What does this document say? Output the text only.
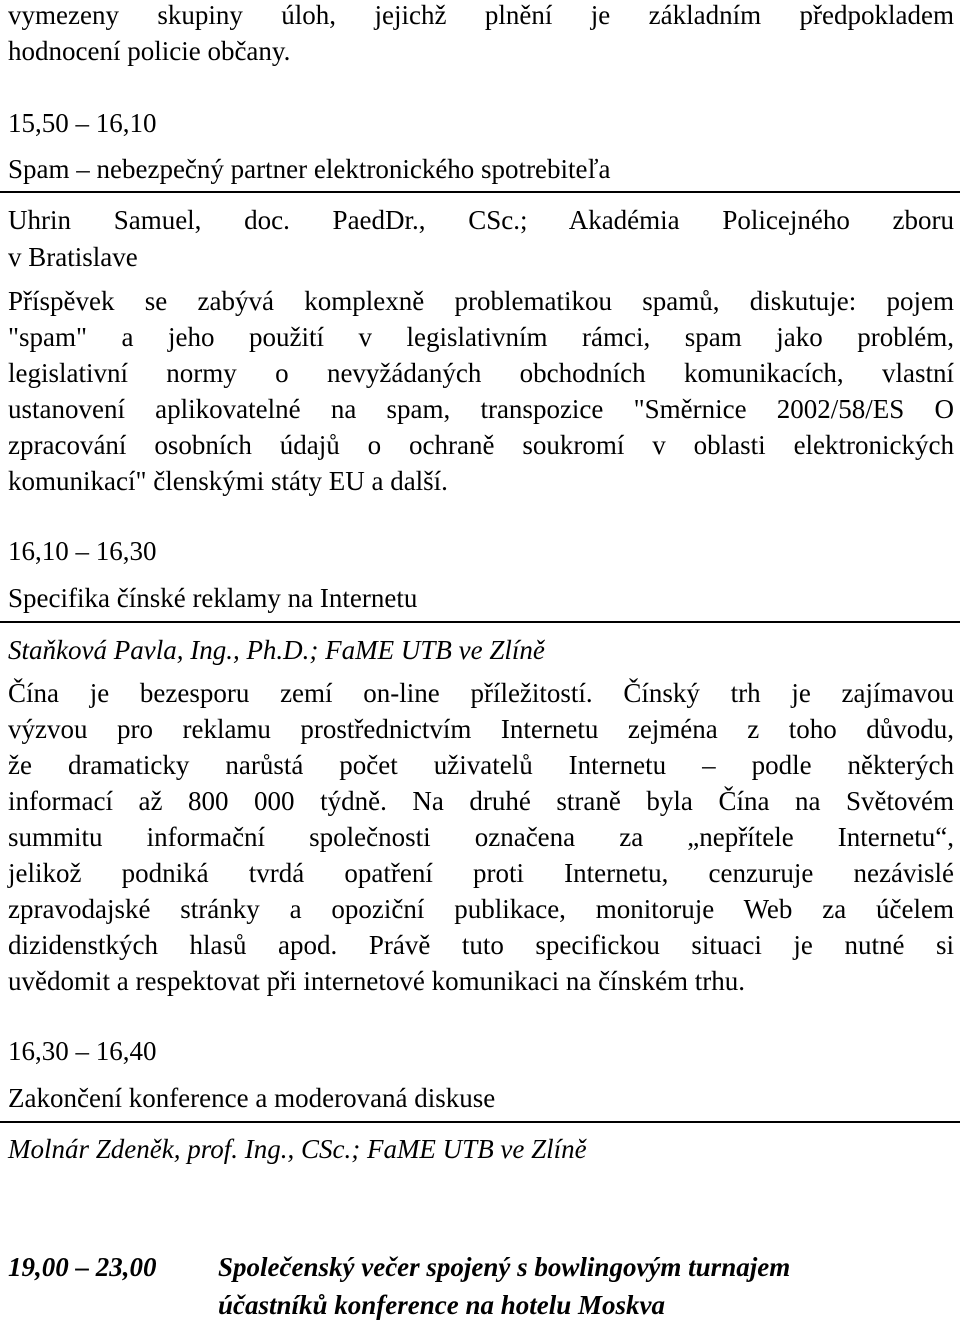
vymezeny skupiny úloh, jejichž plnění je základním předpokladem
hodnocení policie občany.
15,50 – 16,10
Spam – nebezpečný partner elektronického spotrebiteľa
Uhrin Samuel, doc. PaedDr., CSc.; Akadémia Policejného zboru
v Bratislave
Příspěvek se zabývá komplexně problematikou spamů, diskutuje: pojem
"spam" a jeho použití v legislativním rámci, spam jako problém,
legislativní normy o nevyžádaných obchodních komunikacích, vlastní
ustanovení aplikovatelné na spam, transpozice "Směrnice 2002/58/ES O
zpracování osobních údajů o ochraně soukromí v oblasti elektronických
komunikací" členskými státy EU a další.
16,10 – 16,30
Specifika čínské reklamy na Internetu
Staňková Pavla, Ing., Ph.D.; FaME UTB ve Zlíně
Čína je bezesporu zemí on-line příležitostí. Čínský trh je zajímavou
výzvou pro reklamu prostřednictvím Internetu zejména z toho důvodu,
že dramaticky narůstá počet uživatelů Internetu – podle některých
informací až 800 000 týdně. Na druhé straně byla Čína na Světovém
summitu informační společnosti označena za „nepřítele Internetu“,
jelikož podniká tvrdá opatření proti Internetu, cenzuruje nezávislé
zpravodajské stránky a opoziční publikace, monitoruje Web za účelem
dizidenstkých hlasů apod. Právě tuto specifickou situaci je nutné si
uvědomit a respektovat při internetové komunikaci na čínském trhu.
16,30 – 16,40
Zakončení konference a moderovaná diskuse
Molnár Zdeněk, prof. Ing., CSc.; FaME UTB ve Zlíně
19,00 – 23,00 Společenský večer spojený s bowlingovým turnajem
účastníků konference na hotelu Moskva
